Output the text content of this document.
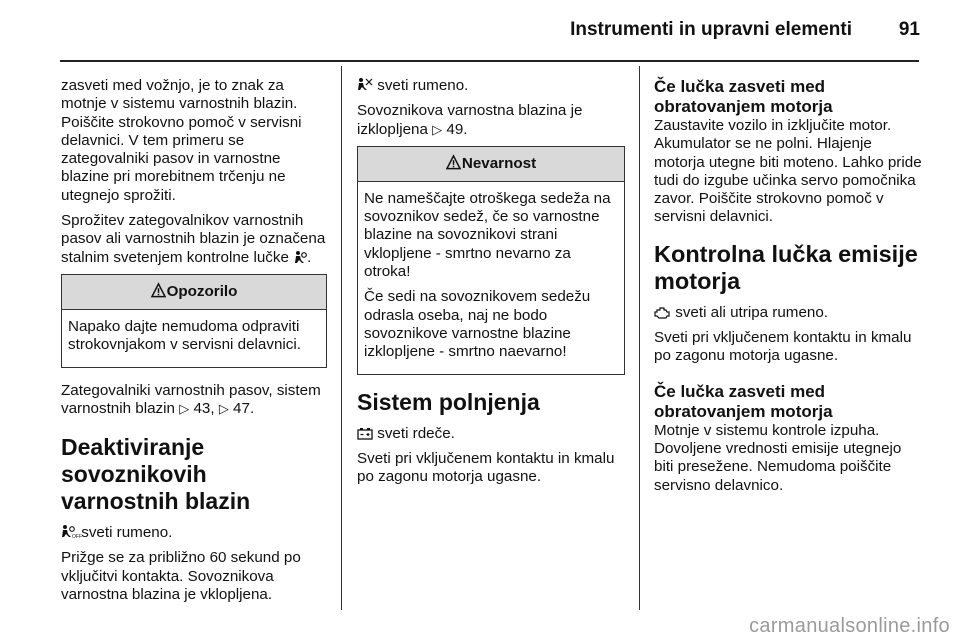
Instrumenti in upravni elementi 91

zasveti med vožnjo, je to znak za motnje v sistemu varnostnih blazin. Poiščite strokovno pomoč v servisni delavnici. V tem primeru se zategovalniki pasov in varnostne blazine pri morebitnem trčenju ne utegnejo sprožiti.

Sprožitev zategovalnikov varnostnih pasov ali varnostnih blazin je označena stalnim svetenjem kontrolne lučke .

Opozorilo

Napako dajte nemudoma odpraviti strokovnjakom v servisni delavnici.

Zategovalniki varnostnih pasov, sistem varnostnih blazin ▷ 43, ▷ 47.

Deaktiviranje sovoznikovih varnostnih blazin

OFF sveti rumeno.

Prižge se za približno 60 sekund po vključitvi kontakta. Sovoznikova varnostna blazina je vklopljena.

sveti rumeno.

Sovoznikova varnostna blazina je izklopljena ▷ 49.

Nevarnost

Ne nameščajte otroškega sedeža na sovoznikov sedež, če so varnostne blazine na sovoznikovi strani vklopljene - smrtno nevarno za otroka!

Če sedi na sovoznikovem sedežu odrasla oseba, naj ne bodo sovoznikove varnostne blazine izklopljene - smrtno naevarno!

Sistem polnjenja

sveti rdeče.

Sveti pri vključenem kontaktu in kmalu po zagonu motorja ugasne.

Če lučka zasveti med obratovanjem motorja

Zaustavite vozilo in izključite motor. Akumulator se ne polni. Hlajenje motorja utegne biti moteno. Lahko pride tudi do izgube učinka servo pomočnika zavor. Poiščite strokovno pomoč v servisni delavnici.

Kontrolna lučka emisije motorja

sveti ali utripa rumeno.

Sveti pri vključenem kontaktu in kmalu po zagonu motorja ugasne.

Če lučka zasveti med obratovanjem motorja

Motnje v sistemu kontrole izpuha. Dovoljene vrednosti emisije utegnejo biti presežene. Nemudoma poiščite servisno delavnico.

carmanualsonline.info
